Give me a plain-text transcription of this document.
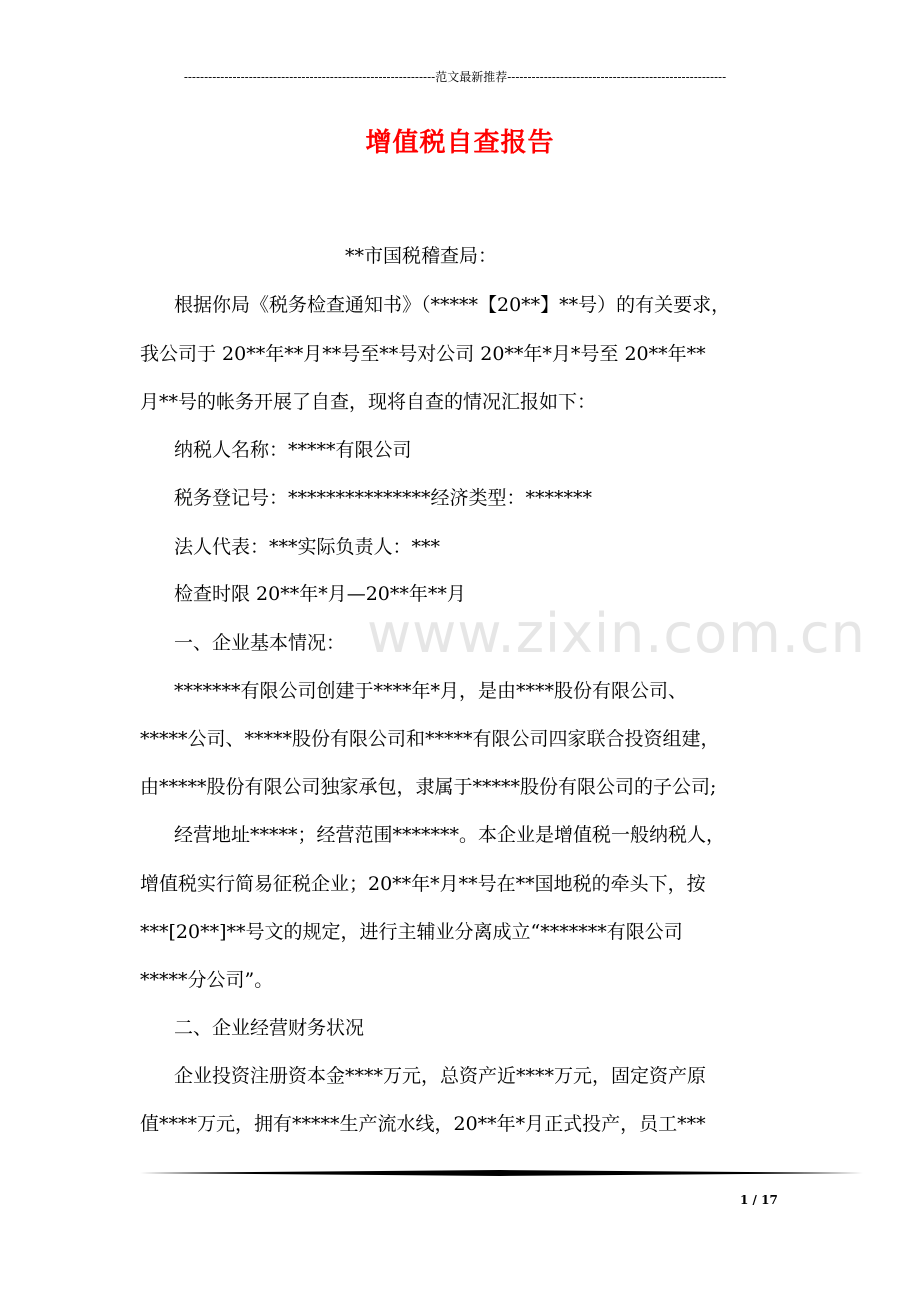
--------------------------------------------------------------范文最新推荐------------------------------------------------------
增值税自查报告
www.zixin.com.cn
**市国税稽查局：
根据你局《税务检查通知书》（*****【20**】**号）的有关要求，
我公司于 20**年**月**号至**号对公司 20**年*月*号至 20**年**
月**号的帐务开展了自查，现将自查的情况汇报如下：
纳税人名称：*****有限公司
税务登记号：***************经济类型：*******
法人代表：***实际负责人：***
检查时限 20**年*月—20**年**月
一、企业基本情况：
*******有限公司创建于****年*月，是由****股份有限公司、
*****公司、*****股份有限公司和*****有限公司四家联合投资组建，
由*****股份有限公司独家承包，隶属于*****股份有限公司的子公司;
经营地址*****；经营范围*******。本企业是增值税一般纳税人，
增值税实行简易征税企业；20**年*月**号在**国地税的牵头下，按
***[20**]**号文的规定，进行主辅业分离成立“*******有限公司
*****分公司”。
二、企业经营财务状况
企业投资注册资本金****万元，总资产近****万元，固定资产原
值****万元，拥有*****生产流水线，20**年*月正式投产，员工***
1 / 17
